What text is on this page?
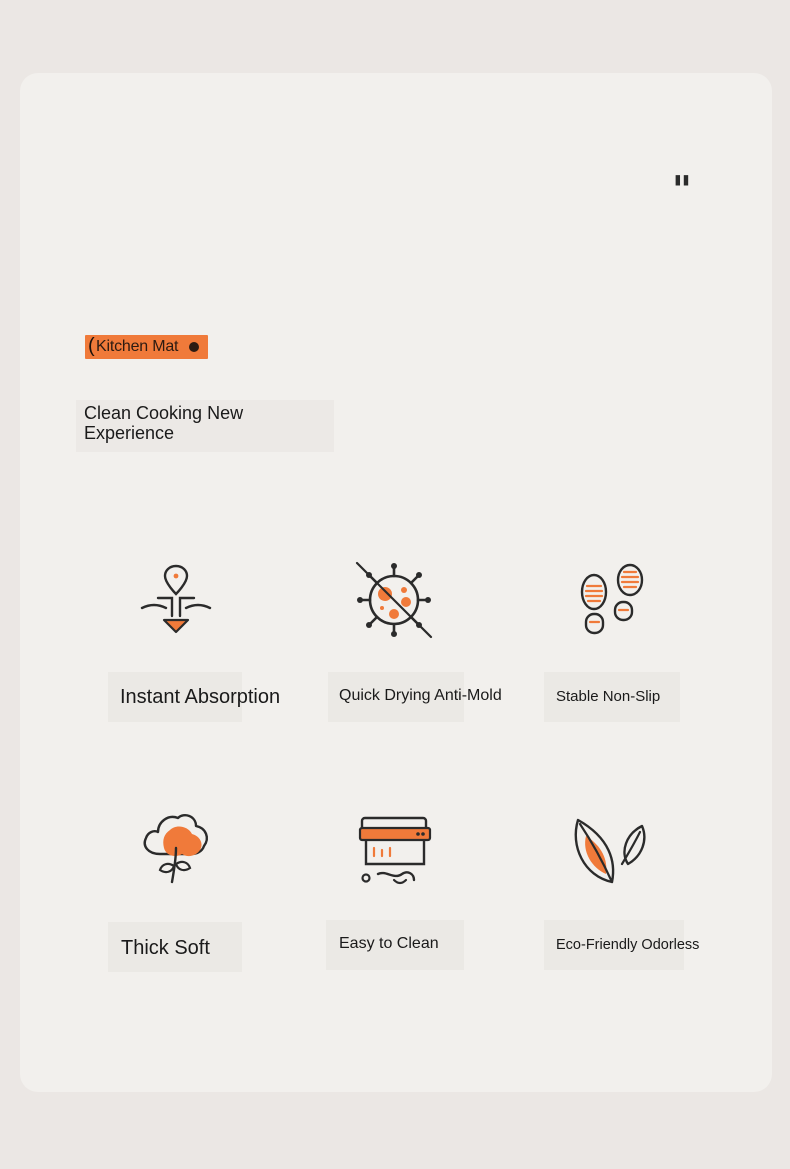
"
( Kitchen Mat
Clean Cooking New Experience
Instant Absorption	Quick Drying Anti-Mold	Stable Non-Slip
Thick Soft	Easy to Clean	Eco-Friendly Odorless
